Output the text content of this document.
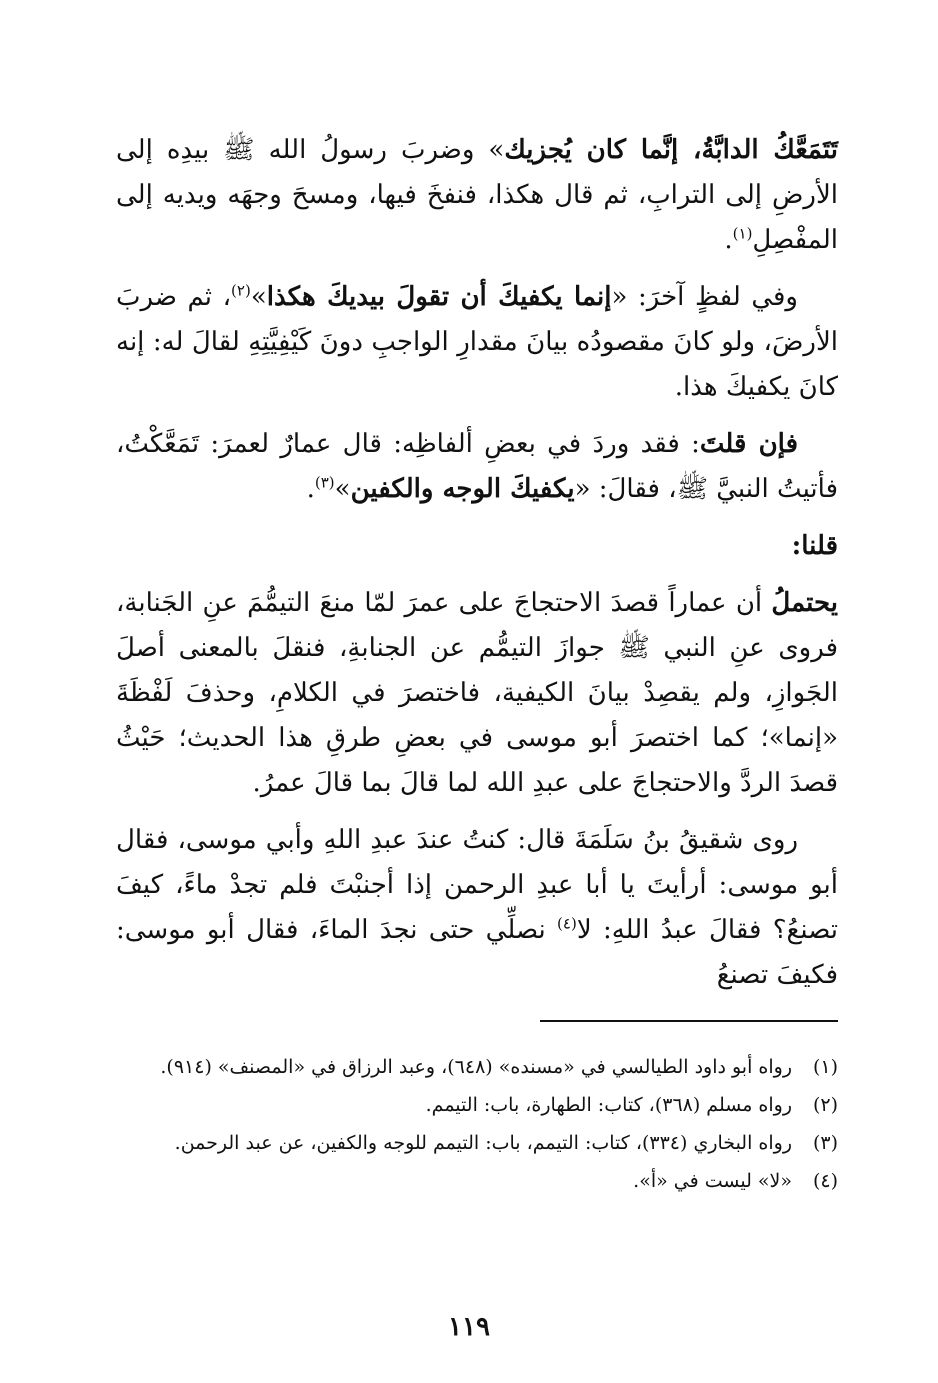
تَتَمَعَّكُ الدابَّةُ، إنَّما كان يُجزيك» وضربَ رسولُ الله ﷺ بيدِه إلى الأرضِ إلى الترابِ، ثم قال هكذا، فنفخَ فيها، ومسحَ وجهَه ويديه إلى المفْصِلِ$^{(١)}$.

وفي لفظٍ آخرَ: «إنما يكفيكَ أن تقولَ بيديكَ هكذا»$^{(٢)}$، ثم ضربَ الأرضَ، ولو كانَ مقصودُه بيانَ مقدارِ الواجبِ دونَ كَيْفِيَّتِهِ لقالَ له: إنه كانَ يكفيكَ هذا.

فإن قلتَ: فقد وردَ في بعضِ ألفاظِه: قال عمارٌ لعمرَ: تَمَعَّكْتُ، فأتيتُ النبيَّ ﷺ، فقالَ: «يكفيكَ الوجه والكفين»$^{(٣)}$.

قلنا:

يحتملُ أن عماراً قصدَ الاحتجاجَ على عمرَ لمّا منعَ التيمُّمَ عنِ الجَنابة، فروى عنِ النبي ﷺ جوازَ التيمُّم عن الجنابةِ، فنقلَ بالمعنى أصلَ الجَوازِ، ولم يقصِدْ بيانَ الكيفية، فاختصرَ في الكلامِ، وحذفَ لَفْظَةَ «إنما»؛ كما اختصرَ أبو موسى في بعضِ طرقِ هذا الحديث؛ حَيْثُ قصدَ الردَّ والاحتجاجَ على عبدِ الله لما قالَ بما قالَ عمرُ.

روى شقيقُ بنُ سَلَمَةَ قال: كنتُ عندَ عبدِ اللهِ وأبي موسى، فقال أبو موسى: أرأيتَ يا أبا عبدِ الرحمن إذا أجنبْتَ فلم تجدْ ماءً، كيفَ تصنعُ؟ فقالَ عبدُ اللهِ: لا$^{(٤)}$ نصلِّي حتى نجدَ الماءَ، فقال أبو موسى: فكيفَ تصنعُ

(١)
رواه أبو داود الطيالسي في «مسنده» (٦٤٨)، وعبد الرزاق في «المصنف» (٩١٤).
(٢)
رواه مسلم (٣٦٨)، كتاب: الطهارة، باب: التيمم.
(٣)
رواه البخاري (٣٣٤)، كتاب: التيمم، باب: التيمم للوجه والكفين، عن عبد الرحمن.
(٤)
«لا» ليست في «أ».
١١٩
